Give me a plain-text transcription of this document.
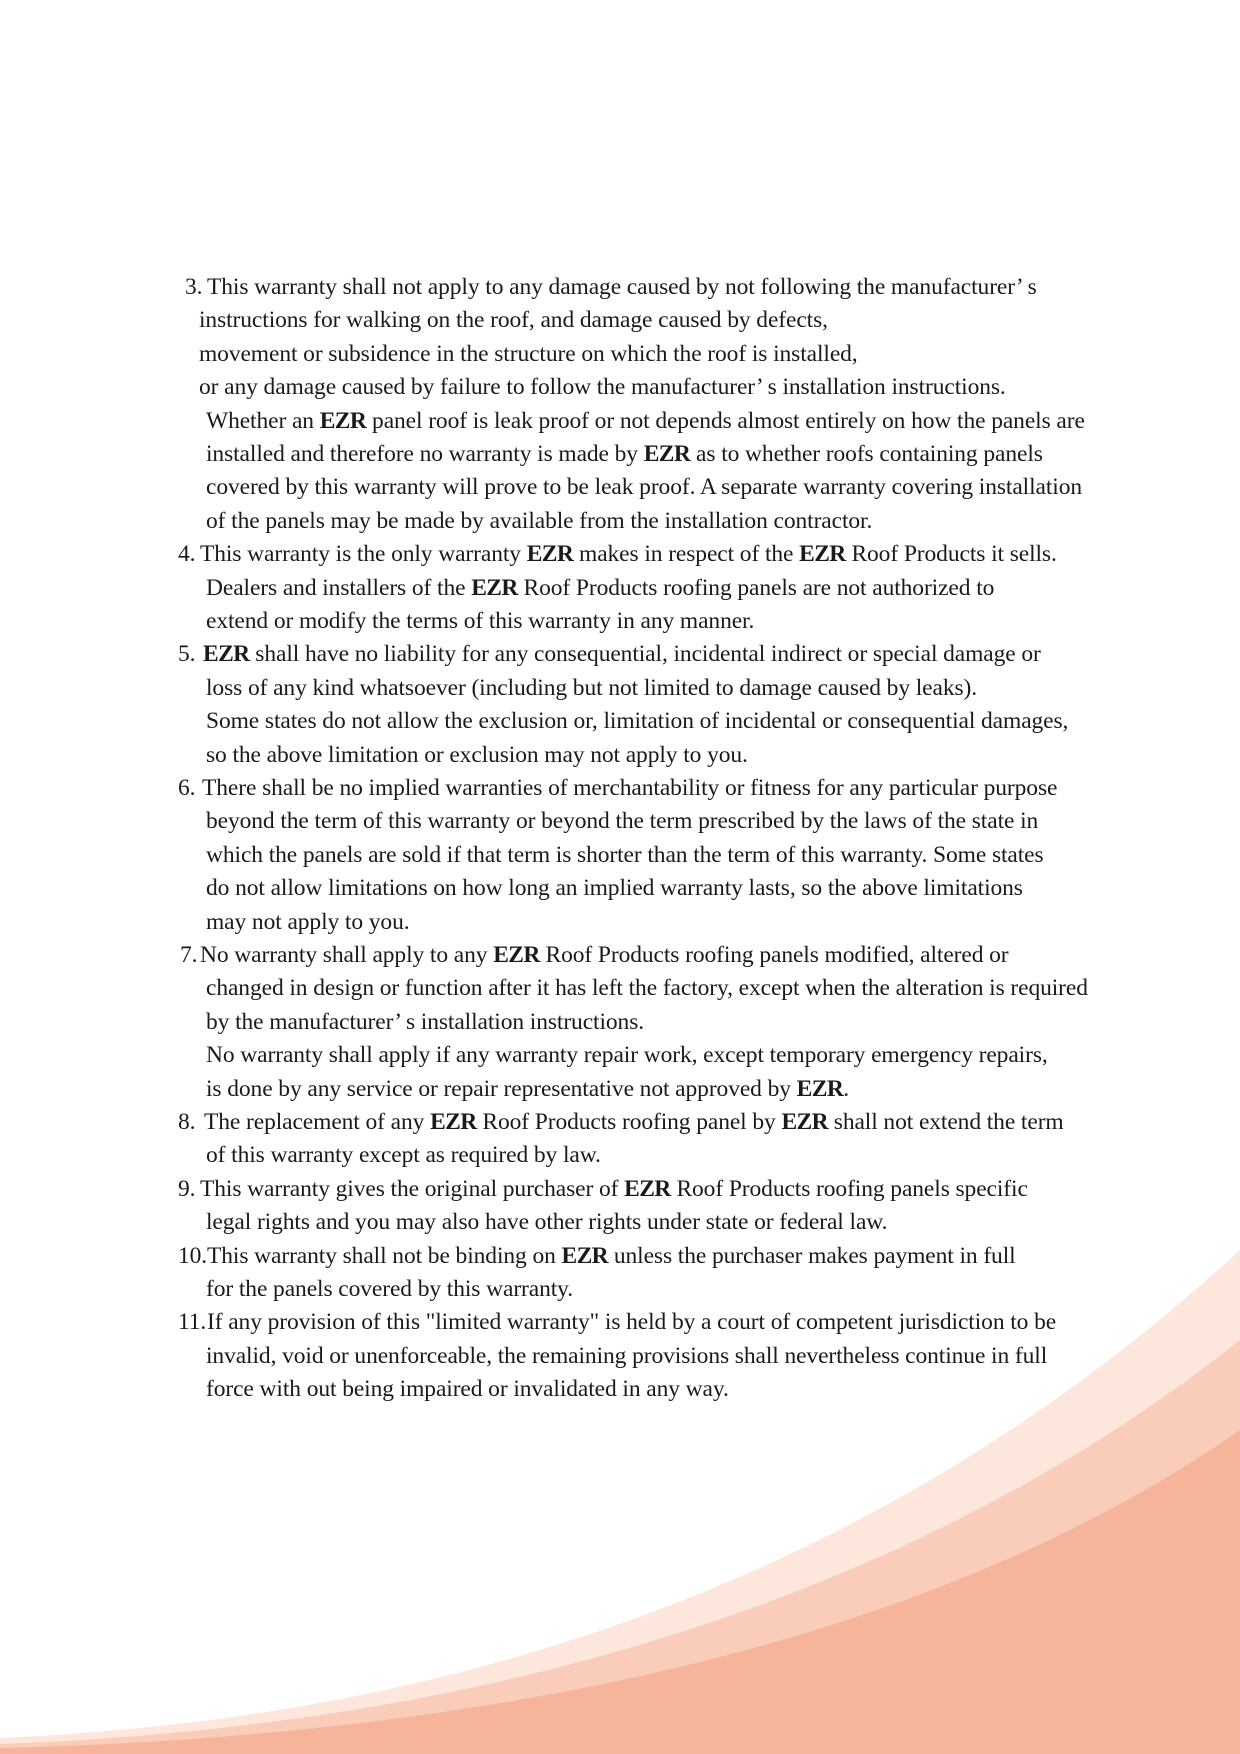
3. This warranty shall not apply to any damage caused by not following the manufacturer’ s
instructions for walking on the roof, and damage caused by defects,
movement or subsidence in the structure on which the roof is installed,
or any damage caused by failure to follow the manufacturer’ s installation instructions.
Whether an EZR panel roof is leak proof or not depends almost entirely on how the panels are
installed and therefore no warranty is made by EZR as to whether roofs containing panels
covered by this warranty will prove to be leak proof. A separate warranty covering installation
of the panels may be made by available from the installation contractor.
4. This warranty is the only warranty EZR makes in respect of the EZR Roof Products it sells.
Dealers and installers of the EZR Roof Products roofing panels are not authorized to
extend or modify the terms of this warranty in any manner.
5. EZR shall have no liability for any consequential, incidental indirect or special damage or
loss of any kind whatsoever (including but not limited to damage caused by leaks).
Some states do not allow the exclusion or, limitation of incidental or consequential damages,
so the above limitation or exclusion may not apply to you.
6. There shall be no implied warranties of merchantability or fitness for any particular purpose
beyond the term of this warranty or beyond the term prescribed by the laws of the state in
which the panels are sold if that term is shorter than the term of this warranty. Some states
do not allow limitations on how long an implied warranty lasts, so the above limitations
may not apply to you.
7. No warranty shall apply to any EZR Roof Products roofing panels modified, altered or
changed in design or function after it has left the factory, except when the alteration is required
by the manufacturer’ s installation instructions.
No warranty shall apply if any warranty repair work, except temporary emergency repairs,
is done by any service or repair representative not approved by EZR.
8. The replacement of any EZR Roof Products roofing panel by EZR shall not extend the term
of this warranty except as required by law.
9. This warranty gives the original purchaser of EZR Roof Products roofing panels specific
legal rights and you may also have other rights under state or federal law.
10. This warranty shall not be binding on EZR unless the purchaser makes payment in full
for the panels covered by this warranty.
11. If any provision of this "limited warranty" is held by a court of competent jurisdiction to be
invalid, void or unenforceable, the remaining provisions shall nevertheless continue in full
force with out being impaired or invalidated in any way.
